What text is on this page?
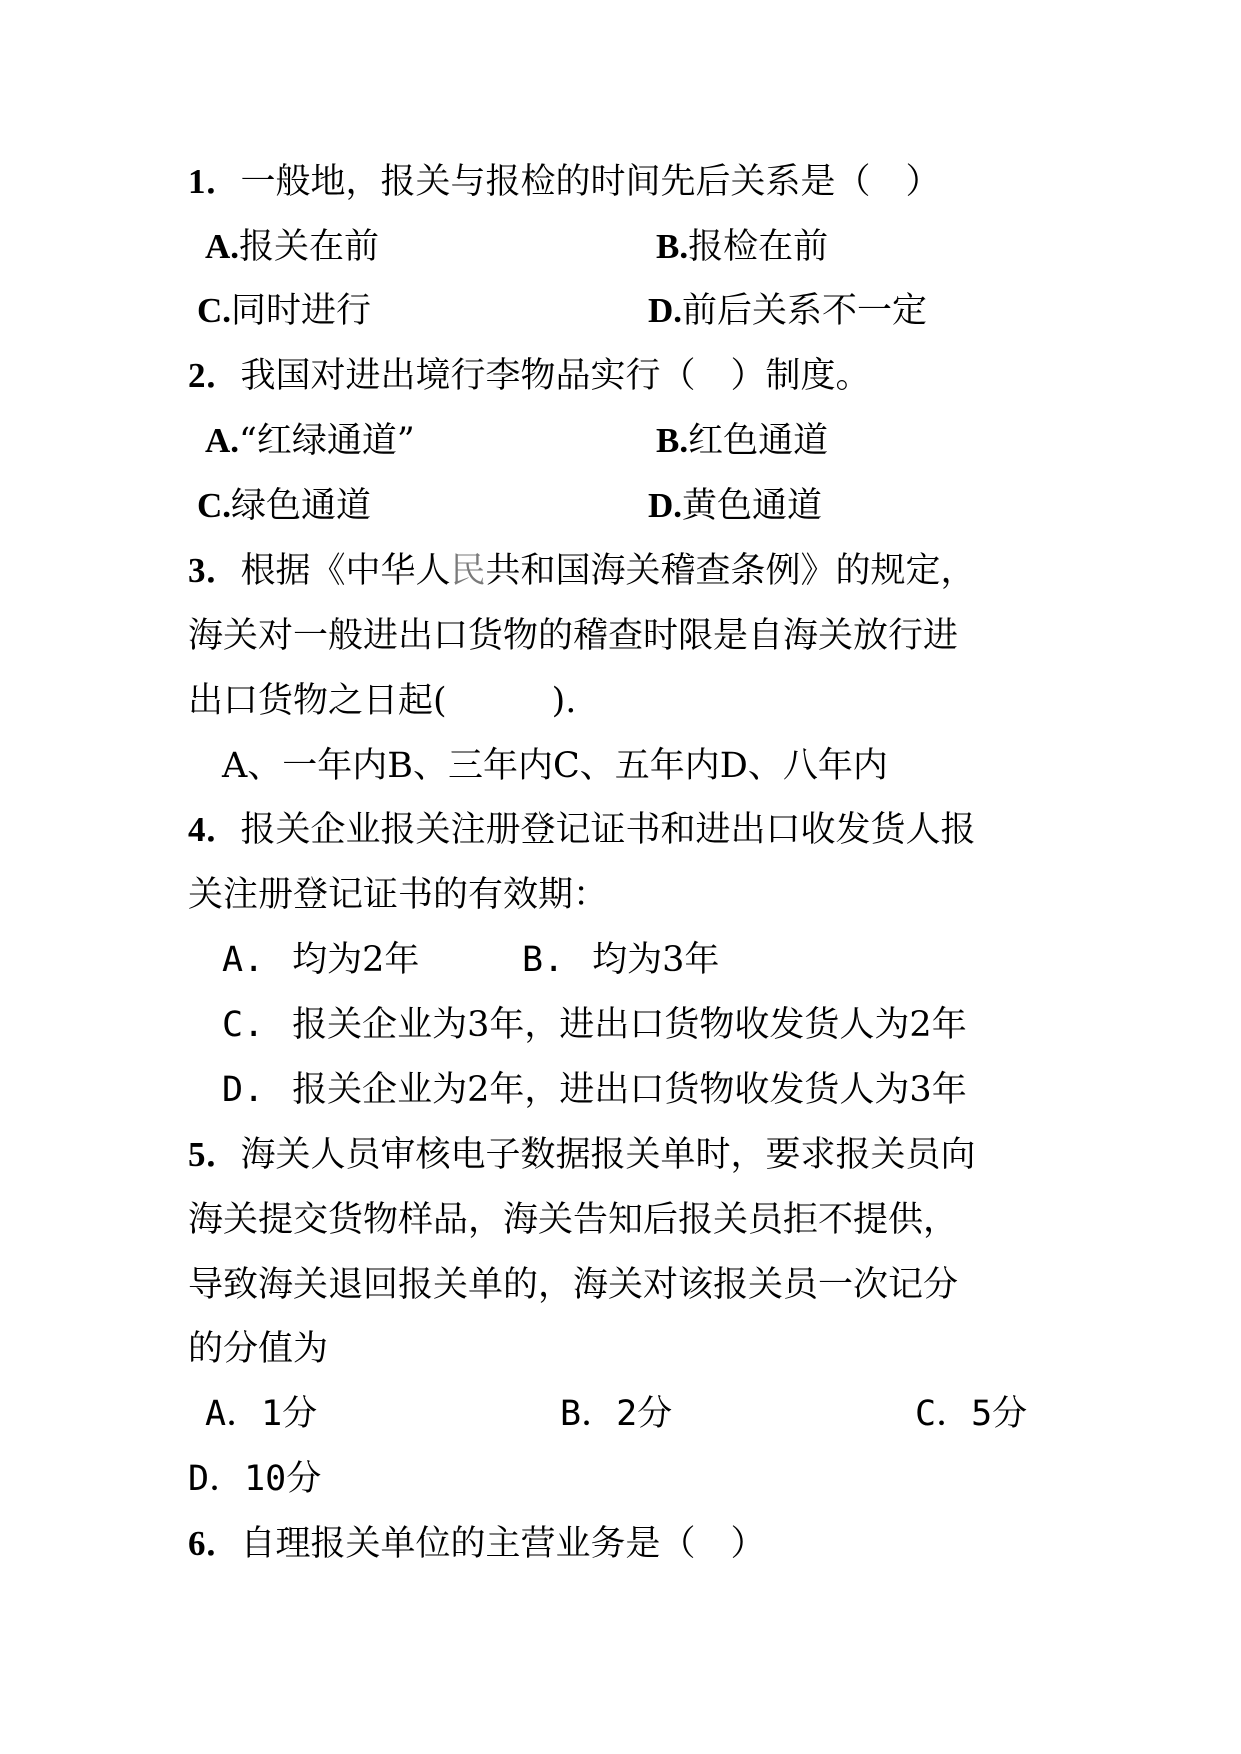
1．一般地，报关与报检的时间先后关系是（　）
A.报关在前	B.报检在前
C.同时进行	D.前后关系不一定
2．我国对进出境行李物品实行（　）制度。
A.“红绿通道”	B.红色通道
C.绿色通道	D.黄色通道
3．根据《中华人民共和国海关稽查条例》的规定，
海关对一般进出口货物的稽查时限是自海关放行进
出口货物之日起(　　　).
A、一年内B、三年内C、五年内D、八年内
4．报关企业报关注册登记证书和进出口收发货人报
关注册登记证书的有效期：
A. 均为2年	B. 均为3年
C. 报关企业为3年，进出口货物收发货人为2年
D. 报关企业为2年，进出口货物收发货人为3年
5．海关人员审核电子数据报关单时，要求报关员向
海关提交货物样品，海关告知后报关员拒不提供，
导致海关退回报关单的，海关对该报关员一次记分
的分值为
A．1分	B．2分	C．5分
D．10分
6．自理报关单位的主营业务是（　）
